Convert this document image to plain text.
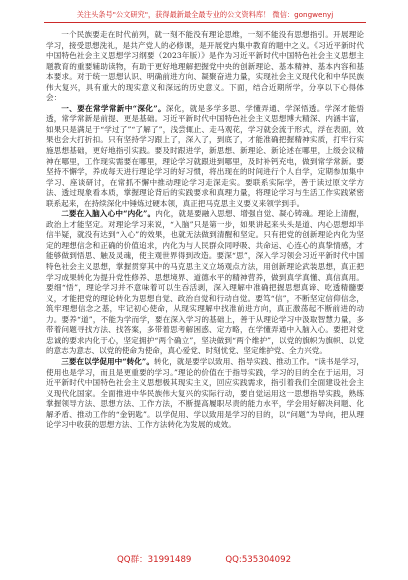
关注头条号"公文研究"，获得最新最全最专业的公文资料库！ 微信：gongwenyj

一个民族要走在时代前列，就一刻不能没有理论思维，一刻不能没有思想指引。开展理论学习，接受思想洗礼，是共产党人的必修课，是开展党内集中教育的题中之义。《习近平新时代中国特色社会主义思想学习纲要（2023年版）》是作为习近平新时代中国特色社会主义思想主题教育的重要辅助读物，有助于更好地理解把握党中央的创新理论、基本精神、基本内容和基本要求。对于统一思想认识、明确前进方向、凝聚奋进力量，实现社会主义现代化和中华民族伟大复兴，具有重大的现实意义和深远的历史意义。下面，结合近期所学，分享以下心得体会：

一、要在常学常新中“深化”。深化，就是多学多思、学懂弄通、学深悟透。学深才能悟透，常学常新是前提、更是基础。习近平新时代中国特色社会主义思想博大精深、内涵丰富，如果只是满足于“学过了”“了解了”，浅尝辄止、走马观花，学习就会流于形式，浮在表面，效果也会大打折扣。只有坚持学习跟上了，深入了，到底了，才能准确把握精神实质，打牢行实施思想基础，更好地指引实践。要及时跟进学，新思想、新理论、新论述在哪里，上级会议精神在哪里，工作现实需要在哪里，理论学习就跟进到哪里，及时补钙充电，做到常学常新。要坚持不懈学，养成每天进行理论学习的好习惯，将出现在的时间进行个人自学，定期参加集中学习、座谈研讨，在常抓不懈中推动理论学习走深走实。要联系实际学，善于读过原文学方法、透过现象看本质，掌握理论背后的实践要求和真理力量，将理论学习与生活工作实践紧密联系起来，在持续深化中锤炼过硬本领，真正把马克思主义要义来领学到手。

二要在入脑入心中“内化”。内化，就是要融入思想、增强自觉、凝心铸魂。理论上清醒，政治上才能坚定。对理论学习来说，“入脑”只是第一步，如果讲起来头头是道、内心思想却半信半疑，就没有达到“入心”的效果，也就无法做到清醒和坚定。只有把党的创新理论内化为坚定的理想信念和正确的价值追求，内化为与人民群众同呼吸、共命运、心连心的真挚情感，才能够做到悟思、触及灵魂，使主观世界得到改造。要深“思”，深入学习领会习近平新时代中国特色社会主义思想，掌握贯穿其中的马克思主义立场观点方法，用创新理论武装思想，真正把学习成果转化为提升党性修养、思想境界、道德水平的精神营养，做到真学真懂、真信真用。要细“悟”，理论学习并不意味着可以生吞活剥，深入理解中准确把握思想真谛、吃透精髓要义，才能把党的理论转化为思想自觉、政治自觉和行动自觉。要笃“信”，不断坚定信仰信念，筑牢理想信念之基，牢记初心使命，从现实理解中找准前进方向，真正激荡起不断前进的动力。要养“道”，不能为学而学，要在深入学习的基础上，善于从理论学习中汲取智慧力量，多带着问题寻找方法、找答案，多带着思考解困惑、定方略，在学懂弄通中入脑入心。要把对党忠诚的要求内化于心，坚定拥护“两个确立”，坚决做到“两个维护”，以党的旗帜为旗帜、以党的意志为意志、以党的使命为使命，真心爱党、时刻忧党、坚定维护党、全力兴党。

三要在以学促用中“转化”。转化，就是要学以致用、指导实践、推动工作。“读书是学习，使用也是学习，而且是更重要的学习。”理论的价值在于指导实践，学习的目的全在于运用，习近平新时代中国特色社会主义思想极其现实主义，回应实践需求，指引着我们全面建设社会主义现代化国家。全面推进中华民族伟大复兴的实际行动，要自觉运用这一思想指导实践，熟练掌握领导方法、思想方法、工作方法，不断提高履职尽责的能力水平，学会用好解决问题、化解矛盾、推动工作的“金钥匙”。以学促用、学以致用是学习的目的，以“问题”为导向，把从理论学习中收获的思想方法、工作方法转化为发展的成效。

QQ群：31991489	QQ:535304092
